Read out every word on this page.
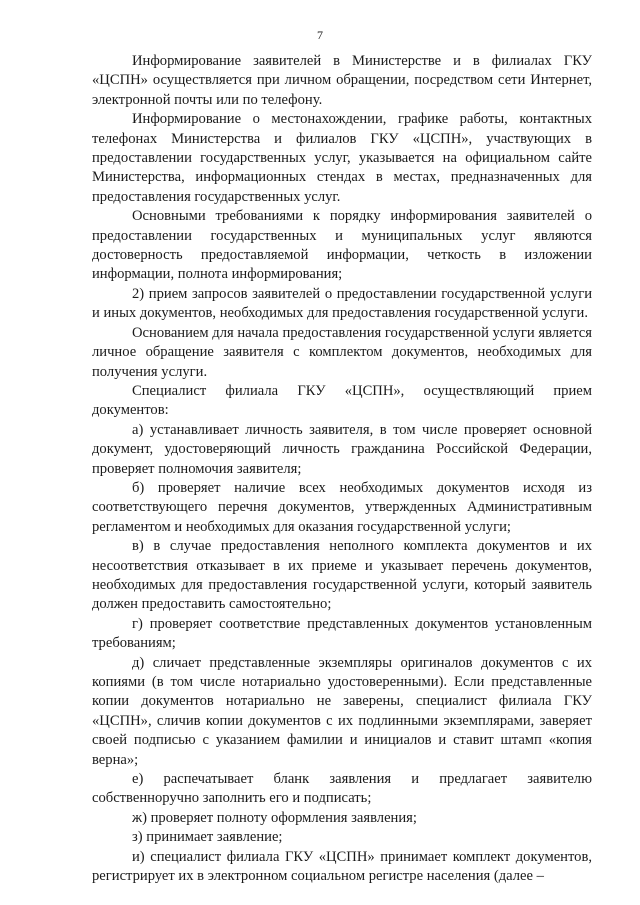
7

Информирование заявителей в Министерстве и в филиалах ГКУ «ЦСПН» осуществляется при личном обращении, посредством сети Интернет, электронной почты или по телефону.

Информирование о местонахождении, графике работы, контактных телефонах Министерства и филиалов ГКУ «ЦСПН», участвующих в предоставлении государственных услуг, указывается на официальном сайте Министерства, информационных стендах в местах, предназначенных для предоставления государственных услуг.

Основными требованиями к порядку информирования заявителей о предоставлении государственных и муниципальных услуг являются достоверность предоставляемой информации, четкость в изложении информации, полнота информирования;

2) прием запросов заявителей о предоставлении государственной услуги и иных документов, необходимых для предоставления государственной услуги.

Основанием для начала предоставления государственной услуги является личное обращение заявителя с комплектом документов, необходимых для получения услуги.

Специалист филиала ГКУ «ЦСПН», осуществляющий прием документов:

а) устанавливает личность заявителя, в том числе проверяет основной документ, удостоверяющий личность гражданина Российской Федерации, проверяет полномочия заявителя;

б) проверяет наличие всех необходимых документов исходя из соответствующего перечня документов, утвержденных Административным регламентом и необходимых для оказания государственной услуги;

в) в случае предоставления неполного комплекта документов и их несоответствия отказывает в их приеме и указывает перечень документов, необходимых для предоставления государственной услуги, который заявитель должен предоставить самостоятельно;

г) проверяет соответствие представленных документов установленным требованиям;

д) сличает представленные экземпляры оригиналов документов с их копиями (в том числе нотариально удостоверенными). Если представленные копии документов нотариально не заверены, специалист филиала ГКУ «ЦСПН», сличив копии документов с их подлинными экземплярами, заверяет своей подписью с указанием фамилии и инициалов и ставит штамп «копия верна»;

е) распечатывает бланк заявления и предлагает заявителю собственноручно заполнить его и подписать;

ж) проверяет полноту оформления заявления;

з) принимает заявление;

и) специалист филиала ГКУ «ЦСПН» принимает комплект документов, регистрирует их в электронном социальном регистре населения (далее –
